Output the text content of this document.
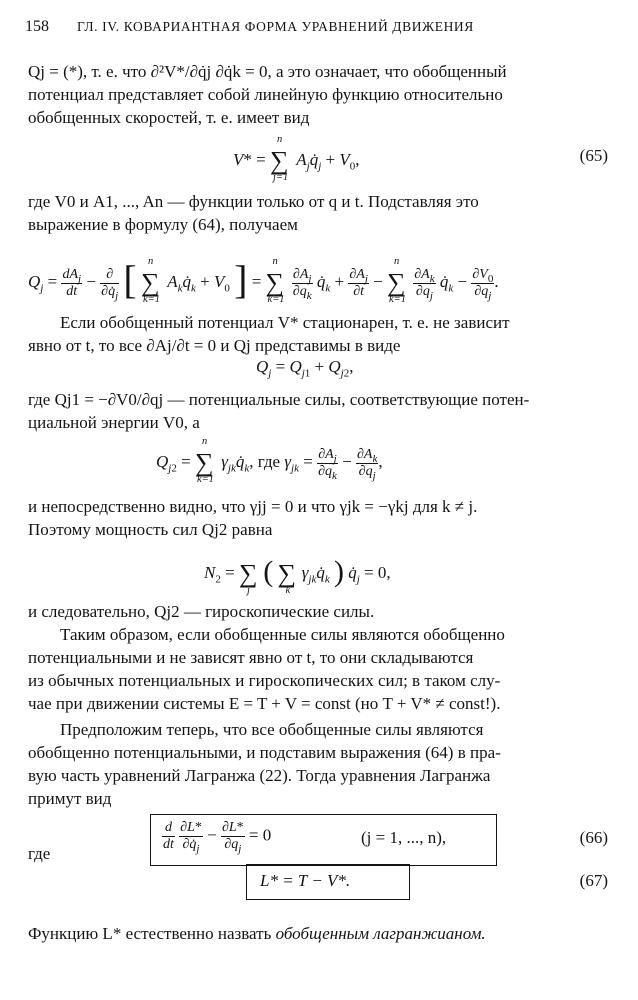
158 ГЛ. IV. КОВАРИАНТНАЯ ФОРМА УРАВНЕНИЙ ДВИЖЕНИЯ

Qj = (*), т. е. что ∂²V*/∂q̇j ∂q̇k = 0, а это означает, что обобщенный

потенциал представляет собой линейную функцию относительно

обобщенных скоростей, т. е. имеет вид

V* = ∑
n
j=1
$A_jq̇_j + V_0$,	(65)

где V0 и A1, ..., An — функции только от q и t. Подставляя это

выражение в формулу (64), получаем

$Q_j = \frac{dA_j}{dt} - \frac{\partial}{\partial q̇_j}$ [ ∑
n
k=1
$A_kq̇_k + V_0$ ] = ∑
n
k=1
$\frac{\partial A_j}{\partial q_k}$ $q̇_k + \frac{\partial A_j}{\partial t}$ − ∑
n
k=1
$\frac{\partial A_k}{\partial q_j}$ $q̇_k - \frac{\partial V_0}{\partial q_j}$ .

Если обобщенный потенциал V* стационарен, т. е. не зависит

явно от t, то все ∂Aj/∂t = 0 и Qj представимы в виде

$Q_j = Q_{j1} + Q_{j2}$,

где Qj1 = −∂V0/∂qj — потенциальные силы, соответствующие потен-

циальной энергии V0, а

$Q_{j2}$ = ∑
n
k=1
$\gamma_{jk}q̇_k$, где $\gamma_{jk} = \frac{\partial A_j}{\partial q_k} - \frac{\partial A_k}{\partial q_j}$ ,

и непосредственно видно, что γjj = 0 и что γjk = −γkj для k ≠ j.

Поэтому мощность сил Qj2 равна

$N_2$ = ∑
j
( ∑
k
$\gamma_{jk}q̇_k$ ) $q̇_j = 0$,

и следовательно, Qj2 — гироскопические силы.

Таким образом, если обобщенные силы являются обобщенно

потенциальными и не зависят явно от t, то они складываются

из обычных потенциальных и гироскопических сил; в таком слу-

чае при движении системы E = T + V = const (но T + V* ≠ const!).

Предположим теперь, что все обобщенные силы являются

обобщенно потенциальными, и подставим выражения (64) в пра-

вую часть уравнений Лагранжа (22). Тогда уравнения Лагранжа

примут вид

$\frac{d}{dt}$
$\frac{\partial L*}{\partial q̇_j} - \frac{\partial L*}{\partial q_j} = 0$	(j = 1, ..., n),	(66)

где

L* = T − V*.	(67)

Функцию L* естественно назвать обобщенным лагранжианом.
